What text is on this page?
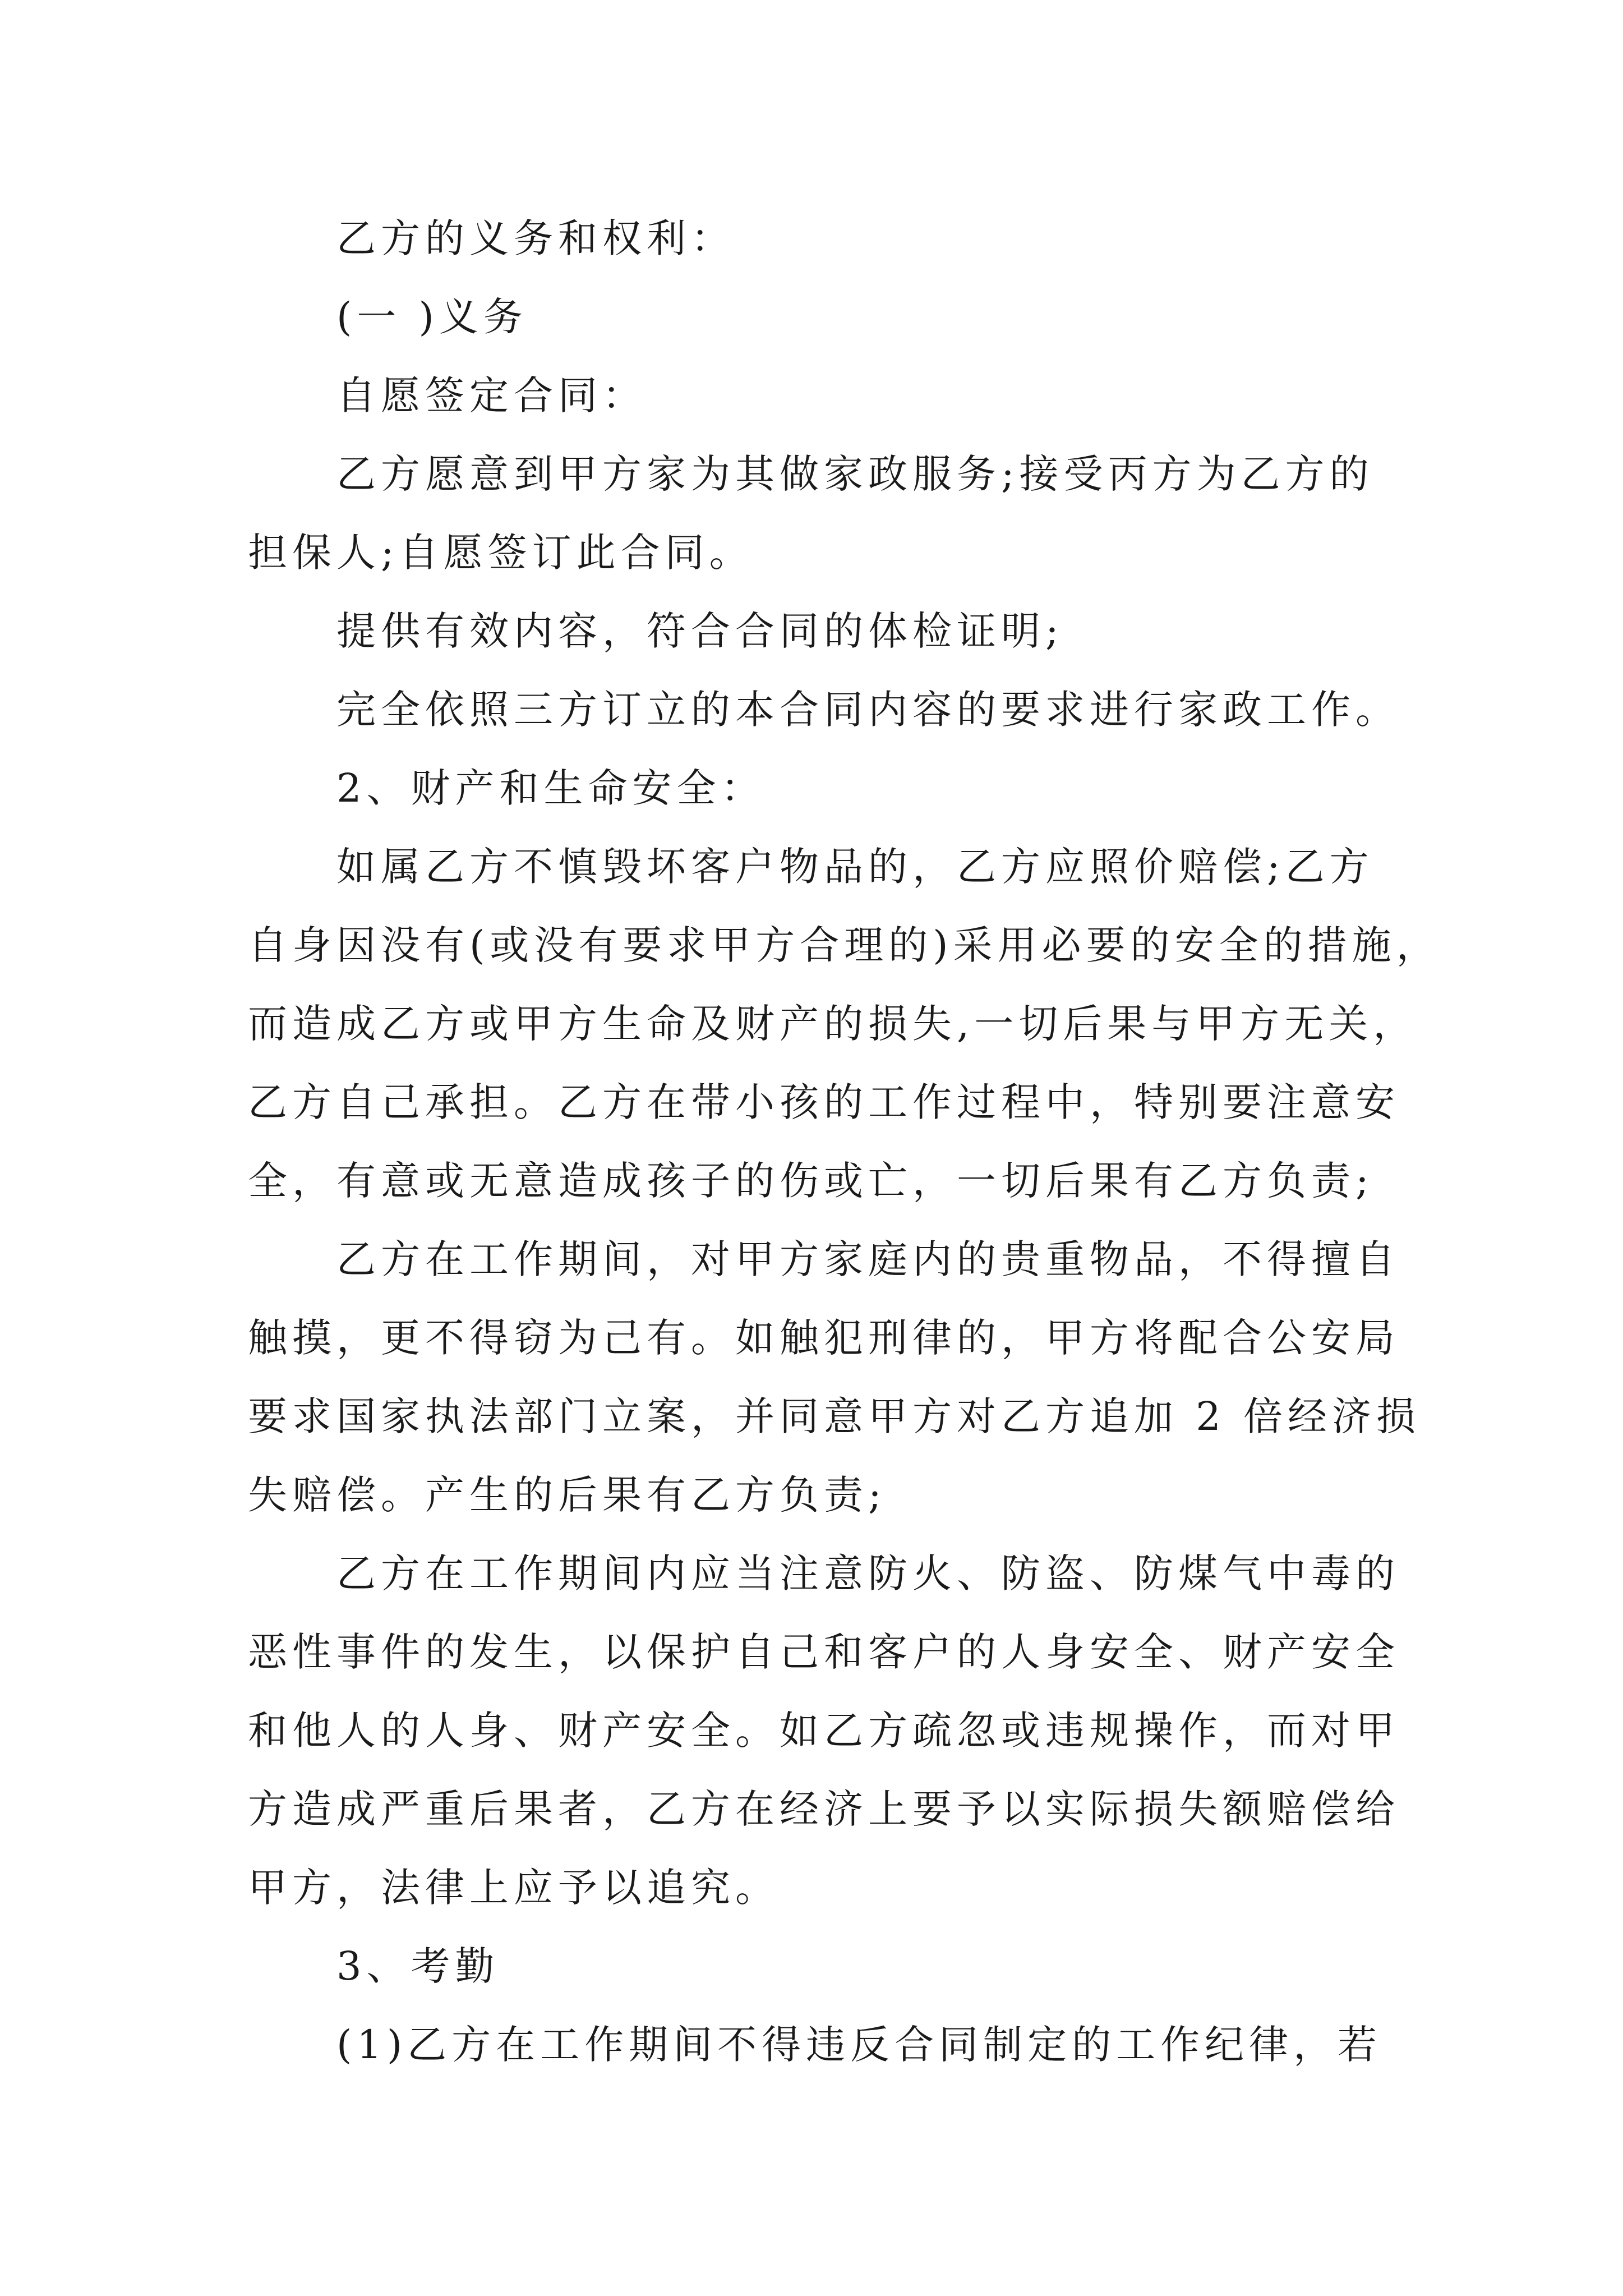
乙方的义务和权利：

(一 )义务

自愿签定合同：

乙方愿意到甲方家为其做家政服务;接受丙方为乙方的

担保人;自愿签订此合同。

提供有效内容，符合合同的体检证明;

完全依照三方订立的本合同内容的要求进行家政工作。

2、财产和生命安全：

如属乙方不慎毁坏客户物品的，乙方应照价赔偿;乙方

自身因没有(或没有要求甲方合理的)采用必要的安全的措施，

而造成乙方或甲方生命及财产的损失,一切后果与甲方无关，

乙方自己承担。乙方在带小孩的工作过程中，特别要注意安

全，有意或无意造成孩子的伤或亡，一切后果有乙方负责;

乙方在工作期间，对甲方家庭内的贵重物品，不得擅自

触摸，更不得窃为己有。如触犯刑律的，甲方将配合公安局

要求国家执法部门立案，并同意甲方对乙方追加 2 倍经济损

失赔偿。产生的后果有乙方负责;

乙方在工作期间内应当注意防火、防盗、防煤气中毒的

恶性事件的发生，以保护自己和客户的人身安全、财产安全

和他人的人身、财产安全。如乙方疏忽或违规操作，而对甲

方造成严重后果者，乙方在经济上要予以实际损失额赔偿给

甲方，法律上应予以追究。

3、考勤

(1)乙方在工作期间不得违反合同制定的工作纪律，若
